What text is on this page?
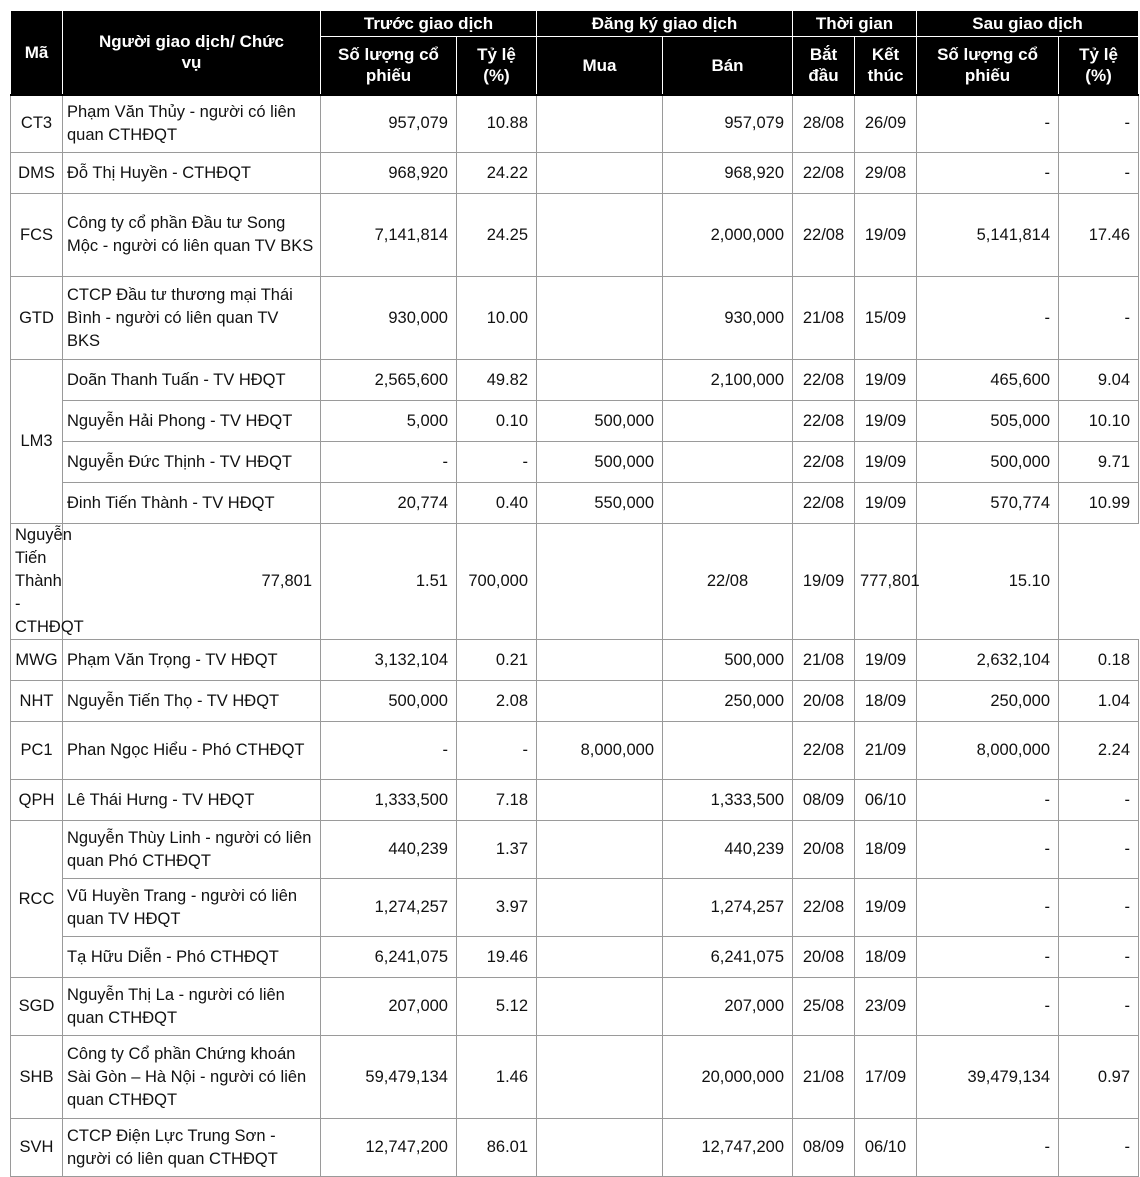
Mã	Người giao dịch/ Chức vụ	Trước giao dịch		Đăng ký giao dịch		Thời gian		Sau giao dịch	
		Số lượng cổ phiếu	Tỷ lệ (%)	Mua	Bán	Bắt đầu	Kết thúc	Số lượng cổ phiếu	Tỷ lệ (%)
CT3	Phạm Văn Thủy - người có liên quan CTHĐQT	957,079	10.88		957,079	28/08	26/09	-	-
DMS	Đỗ Thị Huyền - CTHĐQT	968,920	24.22		968,920	22/08	29/08	-	-
FCS	Công ty cổ phần Đầu tư Song Mộc - người có liên quan TV BKS	7,141,814	24.25		2,000,000	22/08	19/09	5,141,814	17.46
GTD	CTCP Đầu tư thương mại Thái Bình - người có liên quan TV BKS	930,000	10.00		930,000	21/08	15/09	-	-
LM3	Doãn Thanh Tuấn - TV HĐQT	2,565,600	49.82		2,100,000	22/08	19/09	465,600	9.04
	Nguyễn Hải Phong - TV HĐQT	5,000	0.10	500,000		22/08	19/09	505,000	10.10
	Nguyễn Đức Thịnh - TV HĐQT	-	-	500,000		22/08	19/09	500,000	9.71
	Đinh Tiến Thành - TV HĐQT	20,774	0.40	550,000		22/08	19/09	570,774	10.99
Nguyễn Tiến Thành - CTHĐQT	77,801	1.51	700,000		22/08	19/09	777,801	15.10	
MWG	Phạm Văn Trọng - TV HĐQT	3,132,104	0.21		500,000	21/08	19/09	2,632,104	0.18
NHT	Nguyễn Tiến Thọ - TV HĐQT	500,000	2.08		250,000	20/08	18/09	250,000	1.04
PC1	Phan Ngọc Hiểu - Phó CTHĐQT	-	-	8,000,000		22/08	21/09	8,000,000	2.24
QPH	Lê Thái Hưng - TV HĐQT	1,333,500	7.18		1,333,500	08/09	06/10	-	-
RCC	Nguyễn Thùy Linh - người có liên quan Phó CTHĐQT	440,239	1.37		440,239	20/08	18/09	-	-
	Vũ Huyền Trang - người có liên quan TV HĐQT	1,274,257	3.97		1,274,257	22/08	19/09	-	-
	Tạ Hữu Diễn - Phó CTHĐQT	6,241,075	19.46		6,241,075	20/08	18/09	-	-
SGD	Nguyễn Thị La - người có liên quan CTHĐQT	207,000	5.12		207,000	25/08	23/09	-	-
SHB	Công ty Cổ phần Chứng khoán Sài Gòn – Hà Nội - người có liên quan CTHĐQT	59,479,134	1.46		20,000,000	21/08	17/09	39,479,134	0.97
SVH	CTCP Điện Lực Trung Sơn - người có liên quan CTHĐQT	12,747,200	86.01		12,747,200	08/09	06/10	-	-
